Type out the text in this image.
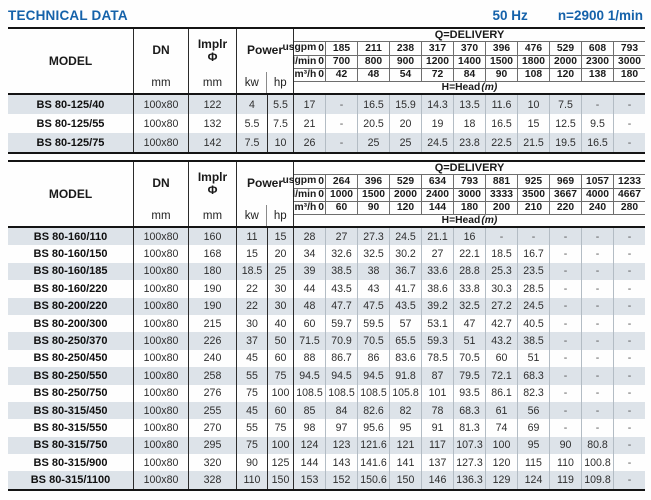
TECHNICAL DATA	50 Hz n=2900 1/min
MODEL
DN
mm
Implr
Φ
mm
Power
kw	hp
Q=DELIVERY
us gpm 0 185	211	238	317	370	396	476	529	608	793
l/min 0 700	800	900	1200 1400 1500 1800 2000 2300 3000
m³/h 0	42	48	54	72	84	90	108	120	138	180
H=Head (m)
BS 80-125/40	100x80	122	4	5.5	17	-	16.5	15.9	14.3	13.5	11.6	10	7.5	-	-
BS 80-125/55	100x80	132	5.5	7.5	21	-	20.5	20	19	18	16.5	15	12.5	9.5	-
BS 80-125/75	100x80	142	7.5	10	26	-	25	25	24.5	23.8	22.5	21.5	19.5	16.5	-
MODEL
DN
mm
Implr
Φ
mm
Power
kw	hp
Q=DELIVERY
us gpm 0 264	396	529	634	793	881	925	969	1057 1233
l/min 0 1000 1500 2000 2400 3000 3333 3500 3667 4000 4667
m³/h 0	60	90	120	144	180	200	210	220	240	280
H=Head (m)
BS 80-160/110	100x80	160	11	15	28	27	27.3	24.5	21.1	16	-	-	-	-	-
BS 80-160/150	100x80	168	15	20	34	32.6	32.5	30.2	27	22.1	18.5	16.7	-	-	-
BS 80-160/185	100x80	180	18.5	25	39	38.5	38	36.7	33.6	28.8	25.3	23.5	-	-	-
BS 80-160/220	100x80	190	22	30	44	43.5	43	41.7	38.6	33.8	30.3	28.5	-	-	-
BS 80-200/220	100x80	190	22	30	48	47.7	47.5	43.5	39.2	32.5	27.2	24.5	-	-	-
BS 80-200/300	100x80	215	30	40	60	59.7	59.5	57	53.1	47	42.7	40.5	-	-	-
BS 80-250/370	100x80	226	37	50	71.5	70.9	70.5	65.5	59.3	51	43.2	38.5	-	-	-
BS 80-250/450	100x80	240	45	60	88	86.7	86	83.6	78.5	70.5	60	51	-	-	-
BS 80-250/550	100x80	258	55	75	94.5	94.5	94.5	91.8	87	79.5	72.1	68.3	-	-	-
BS 80-250/750	100x80	276	75	100 108.5 108.5 108.5 105.8 101	93.5	86.1	82.3	-	-	-
BS 80-315/450	100x80	255	45	60	85	84	82.6	82	78	68.3	61	56	-	-	-
BS 80-315/550	100x80	270	55	75	98	97	95.6	95	91	81.3	74	69	-	-	-
BS 80-315/750	100x80	295	75	100	124	123 121.6 121	117 107.3 100	95	90	80.8	-
BS 80-315/900	100x80	320	90	125	144	143 141.6 141	137 127.3 120	115	110 100.8	-
BS 80-315/1100	100x80	328	110	150	153	152 150.6 150	146 136.3 129	124	119 109.8	-
